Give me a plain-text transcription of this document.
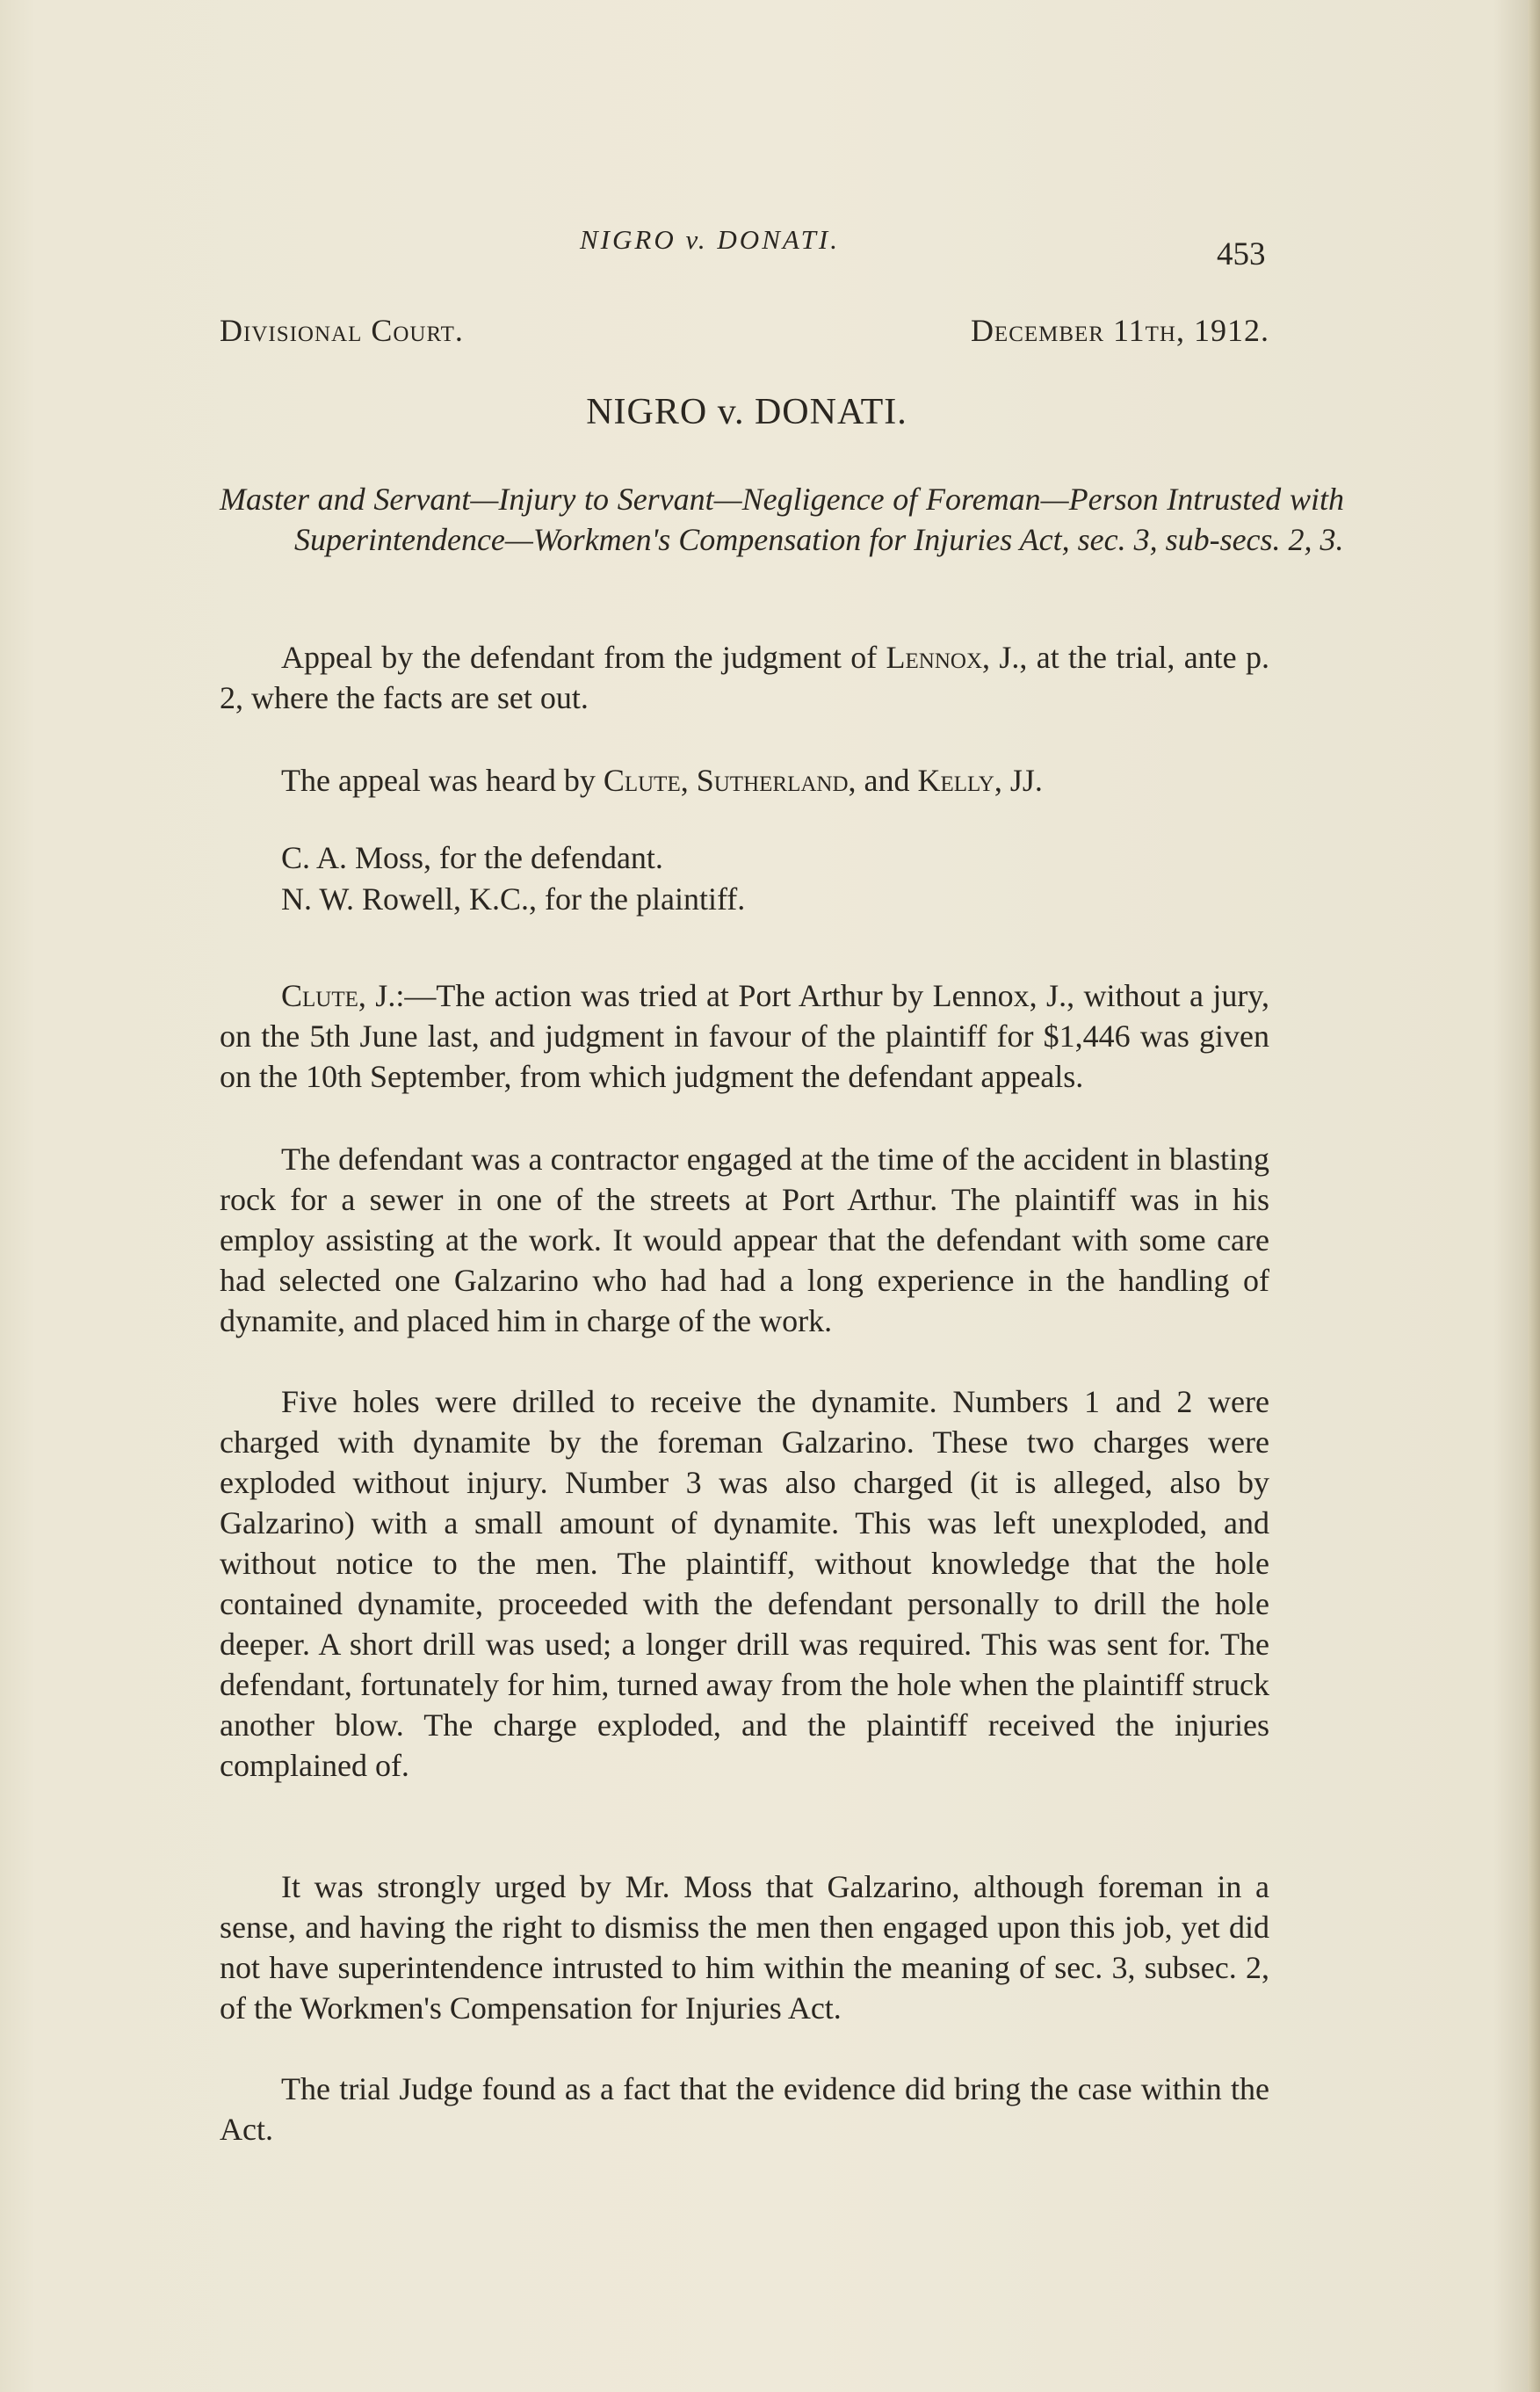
NIGRO v. DONATI.	453
Divisional Court.	December 11th, 1912.
NIGRO v. DONATI.
Master and Servant—Injury to Servant—Negligence of Foreman—Person Intrusted with Superintendence—Workmen's Compensation for Injuries Act, sec. 3, sub-secs. 2, 3.
Appeal by the defendant from the judgment of Lennox, J., at the trial, ante p. 2, where the facts are set out.
The appeal was heard by Clute, Sutherland, and Kelly, JJ.
C. A. Moss, for the defendant.
N. W. Rowell, K.C., for the plaintiff.
Clute, J.:—The action was tried at Port Arthur by Lennox, J., without a jury, on the 5th June last, and judgment in favour of the plaintiff for $1,446 was given on the 10th September, from which judgment the defendant appeals.
The defendant was a contractor engaged at the time of the accident in blasting rock for a sewer in one of the streets at Port Arthur. The plaintiff was in his employ assisting at the work. It would appear that the defendant with some care had selected one Galzarino who had had a long experience in the handling of dynamite, and placed him in charge of the work.
Five holes were drilled to receive the dynamite. Numbers 1 and 2 were charged with dynamite by the foreman Galzarino. These two charges were exploded without injury. Number 3 was also charged (it is alleged, also by Galzarino) with a small amount of dynamite. This was left unexploded, and without notice to the men. The plaintiff, without knowledge that the hole contained dynamite, proceeded with the defendant personally to drill the hole deeper. A short drill was used; a longer drill was required. This was sent for. The defendant, fortunately for him, turned away from the hole when the plaintiff struck another blow. The charge exploded, and the plaintiff received the injuries complained of.
It was strongly urged by Mr. Moss that Galzarino, although foreman in a sense, and having the right to dismiss the men then engaged upon this job, yet did not have superintendence intrusted to him within the meaning of sec. 3, subsec. 2, of the Workmen's Compensation for Injuries Act.
The trial Judge found as a fact that the evidence did bring the case within the Act.
